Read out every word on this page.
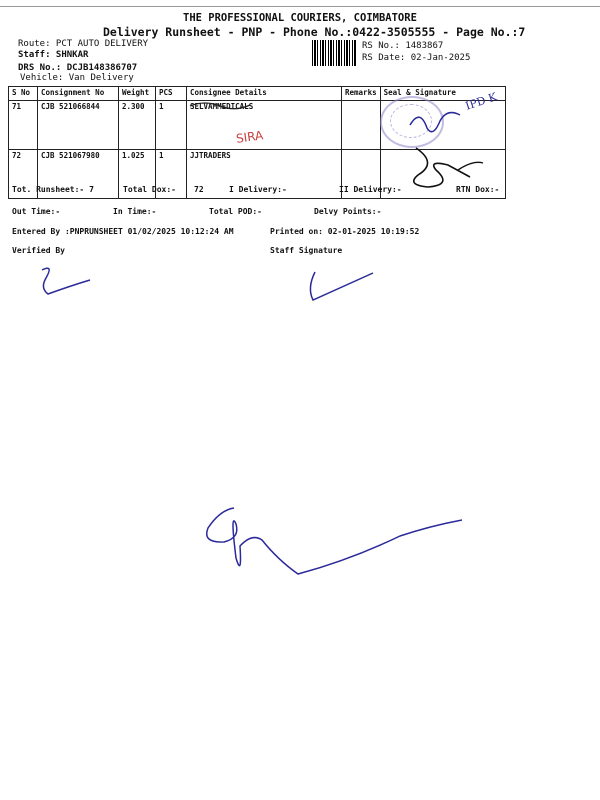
THE PROFESSIONAL COURIERS, COIMBATORE
Delivery Runsheet - PNP - Phone No.:0422-3505555 - Page No.:7
Route: PCT AUTO DELIVERY
Staff: SHNKAR
DRS No.: DCJB148386707
Vehicle: Van Delivery
RS No.: 1483867
RS Date: 02-Jan-2025
S No	Consignment No	Weight	PCS	Consignee Details	Remarks	Seal & Signature
71	CJB 521066844	2.300	1	SELVAMMEDICALS		
72	CJB 521067980	1.025	1	JJTRADERS		
SIRA
IPD K
Tot. Runsheet:- 7	Total Dox:- 72	I Delivery:-	II Delivery:-	RTN Dox:-
Out Time:-	In Time:-	Total POD:-	Delvy Points:-
Entered By :PNPRUNSHEET 01/02/2025 10:12:24 AM	Printed on: 02-01-2025 10:19:52
Verified By	Staff Signature
